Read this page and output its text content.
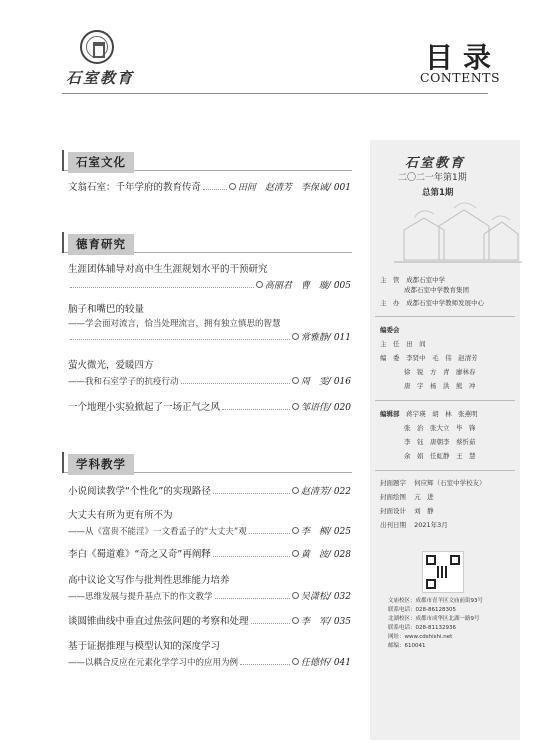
石室教育
目录
CONTENTS
石室文化
文翁石室：千年学府的教育传奇	田间　赵清芳　李保诚 / 001
德育研究
生涯团体辅导对高中生生涯规划水平的干预研究
高丽君　曹　璇 / 005
脑子和嘴巴的较量
——学会面对流言，恰当处理流言，拥有独立慎思的智慧
常雅静 / 011
萤火微光，爱暖四方
——我和石室学子的抗疫行动	周　雯 / 016
一个地理小实验掀起了一场正气之风	邹语佳 / 020
学科教学
小说阅读教学“个性化”的实现路径	赵清芳 / 022
大丈夫有所为更有所不为
——从《富贵不能淫》一文看孟子的“大丈夫”观	李　柳 / 025
李白《蜀道难》“奇之又奇”再阐释	黄　波 / 028
高中议论文写作与批判性思维能力培养
——思维发展与提升基点下的作文教学	吴潇松 / 032
谈圆锥曲线中垂直过焦弦问题的考察和处理	李　军 / 035
基于证据推理与模型认知的深度学习
——以耦合反应在元素化学学习中的应用为例	任德怀 / 041
石室教育
二〇二一年第1期
总第1期
主　管 成都石室中学
成都石室中学教育集团
主　办 成都石室中学教师发展中心
编委会
主　任 田　间
编　委 李贤中　毛　伟　赵清芳
徐　锐　方　青　廖林春
唐　宇　杨　洪　熊　冲
编辑部 蒋宇瑛　胡　林　张燕明
张　治　张大立　毕　锋
李　钰　唐朝李　蔡忻茹
余　娟　任虹静　王　慧
封面题字 何应辉（石室中学校友）
封面绘图 亢　进
封面设计 刘　静
出刊日期 2021年3月
文庙校区：成都市青羊区文庙前街93号
联系电话：028-86128305
北湖校区：成都市成华区北湖一路9号
联系电话：028-81132936
网址：www.cdshishi.net
邮编：610041
